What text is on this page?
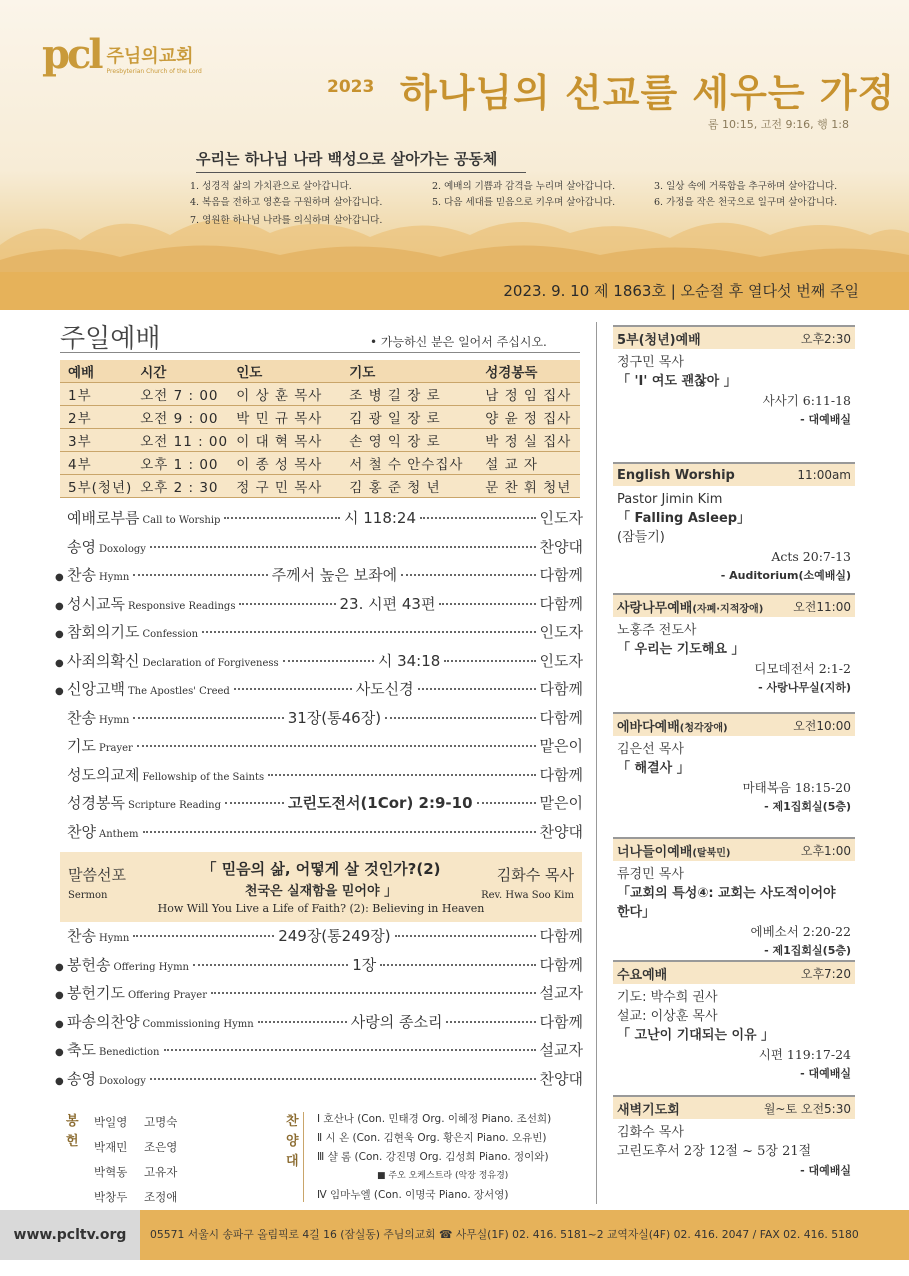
pcl 주님의교회
Presbyterian Church of the Lord
2023 하나님의 선교를 세우는 가정
롬 10:15, 고전 9:16, 행 1:8
우리는 하나님 나라 백성으로 살아가는 공동체
1. 성경적 삶의 가치관으로 살아갑니다.	2. 예배의 기쁨과 감격을 누리며 살아갑니다.	3. 일상 속에 거룩함을 추구하며 살아갑니다.
4. 복음을 전하고 영혼을 구원하며 살아갑니다.	5. 다음 세대를 믿음으로 키우며 살아갑니다.	6. 가정을 작은 천국으로 일구며 살아갑니다.
7. 영원한 하나님 나라를 의식하며 살아갑니다.
2023. 9. 10 제 1863호 | 오순절 후 열다섯 번째 주일
주일예배	• 가능하신 분은 일어서 주십시오.
예배	시간	인도	기도	성경봉독
1부	오전 7 : 00	이 상 훈 목사	조 병 길 장 로	남 정 임 집사
2부	오전 9 : 00	박 민 규 목사	김 광 일 장 로	양 윤 정 집사
3부	오전 11 : 00	이 대 혁 목사	손 영 익 장 로	박 정 실 집사
4부	오후 1 : 00	이 종 성 목사	서 철 수 안수집사	설 교 자
5부(청년)	오후 2 : 30	정 구 민 목사	김 홍 준 청 년	문 찬 휘 청년
예배로부름 Call to Worship	시 118:24	인도자
송영 Doxology	찬양대
● 찬송 Hymn	주께서 높은 보좌에	다함께
● 성시교독 Responsive Readings	23. 시편 43편	다함께
● 참회의기도 Confession	인도자
● 사죄의확신 Declaration of Forgiveness	시 34:18	인도자
● 신앙고백 The Apostles' Creed	사도신경	다함께
찬송 Hymn	31장(통46장)	다함께
기도 Prayer	맡은이
성도의교제 Fellowship of the Saints	다함께
성경봉독 Scripture Reading	고린도전서(1Cor) 2:9-10	맡은이
찬양 Anthem	찬양대
말씀선포
Sermon
「 믿음의 삶, 어떻게 살 것인가?(2)
천국은 실재함을 믿어야 」
How Will You Live a Life of Faith? (2): Believing in Heaven
김화수 목사
Rev. Hwa Soo Kim
찬송 Hymn	249장(통249장)	다함께
● 봉헌송 Offering Hymn	1장	다함께
● 봉헌기도 Offering Prayer	설교자
● 파송의찬양 Commissioning Hymn	사랑의 종소리	다함께
● 축도 Benediction	설교자
● 송영 Doxology	찬양대
봉
헌
박일영 고명숙
박재민 조은영
박혁동 고유자
박창두 조정애
찬
양
대
Ⅰ 호산나 (Con. 민태경 Org. 이혜정 Piano. 조선희)
Ⅱ 시 온 (Con. 김현욱 Org. 황은지 Piano. 오유빈)
Ⅲ 샬 롬 (Con. 강진명 Org. 김성희 Piano. 정이와)
■ 주오 오케스트라 (악장 정유경)
Ⅳ 임마누엘 (Con. 이명국 Piano. 장서영)
5부(청년)예배	오후2:30
정구민 목사
「 'I' 여도 괜찮아 」
사사기 6:11-18
- 대예배실
English Worship	11:00am
Pastor Jimin Kim
「 Falling Asleep」
(잠들기)
Acts 20:7-13
- Auditorium(소예배실)
사랑나무예배(자폐·지적장애) 오전11:00
노홍주 전도사
「 우리는 기도해요 」
디모데전서 2:1-2
- 사랑나무실(지하)
에바다예배(청각장애)	오전10:00
김은선 목사
「 해결사 」
마태복음 18:15-20
- 제1집회실(5층)
너나들이예배(탈북민)	오후1:00
류경민 목사
「교회의 특성④: 교회는 사도적이어야 한다」
에베소서 2:20-22
- 제1집회실(5층)
수요예배	오후7:20
기도: 박수희 권사
설교: 이상훈 목사
「 고난이 기대되는 이유 」
시편 119:17-24
- 대예배실
새벽기도회	월~토 오전5:30
김화수 목사
고린도후서 2장 12절 ~ 5장 21절
- 대예배실
www.pcltv.org	05571 서울시 송파구 올림픽로 4길 16 (잠실동) 주님의교회 ☎ 사무실(1F) 02. 416. 5181~2 교역자실(4F) 02. 416. 2047 / FAX 02. 416. 5180
